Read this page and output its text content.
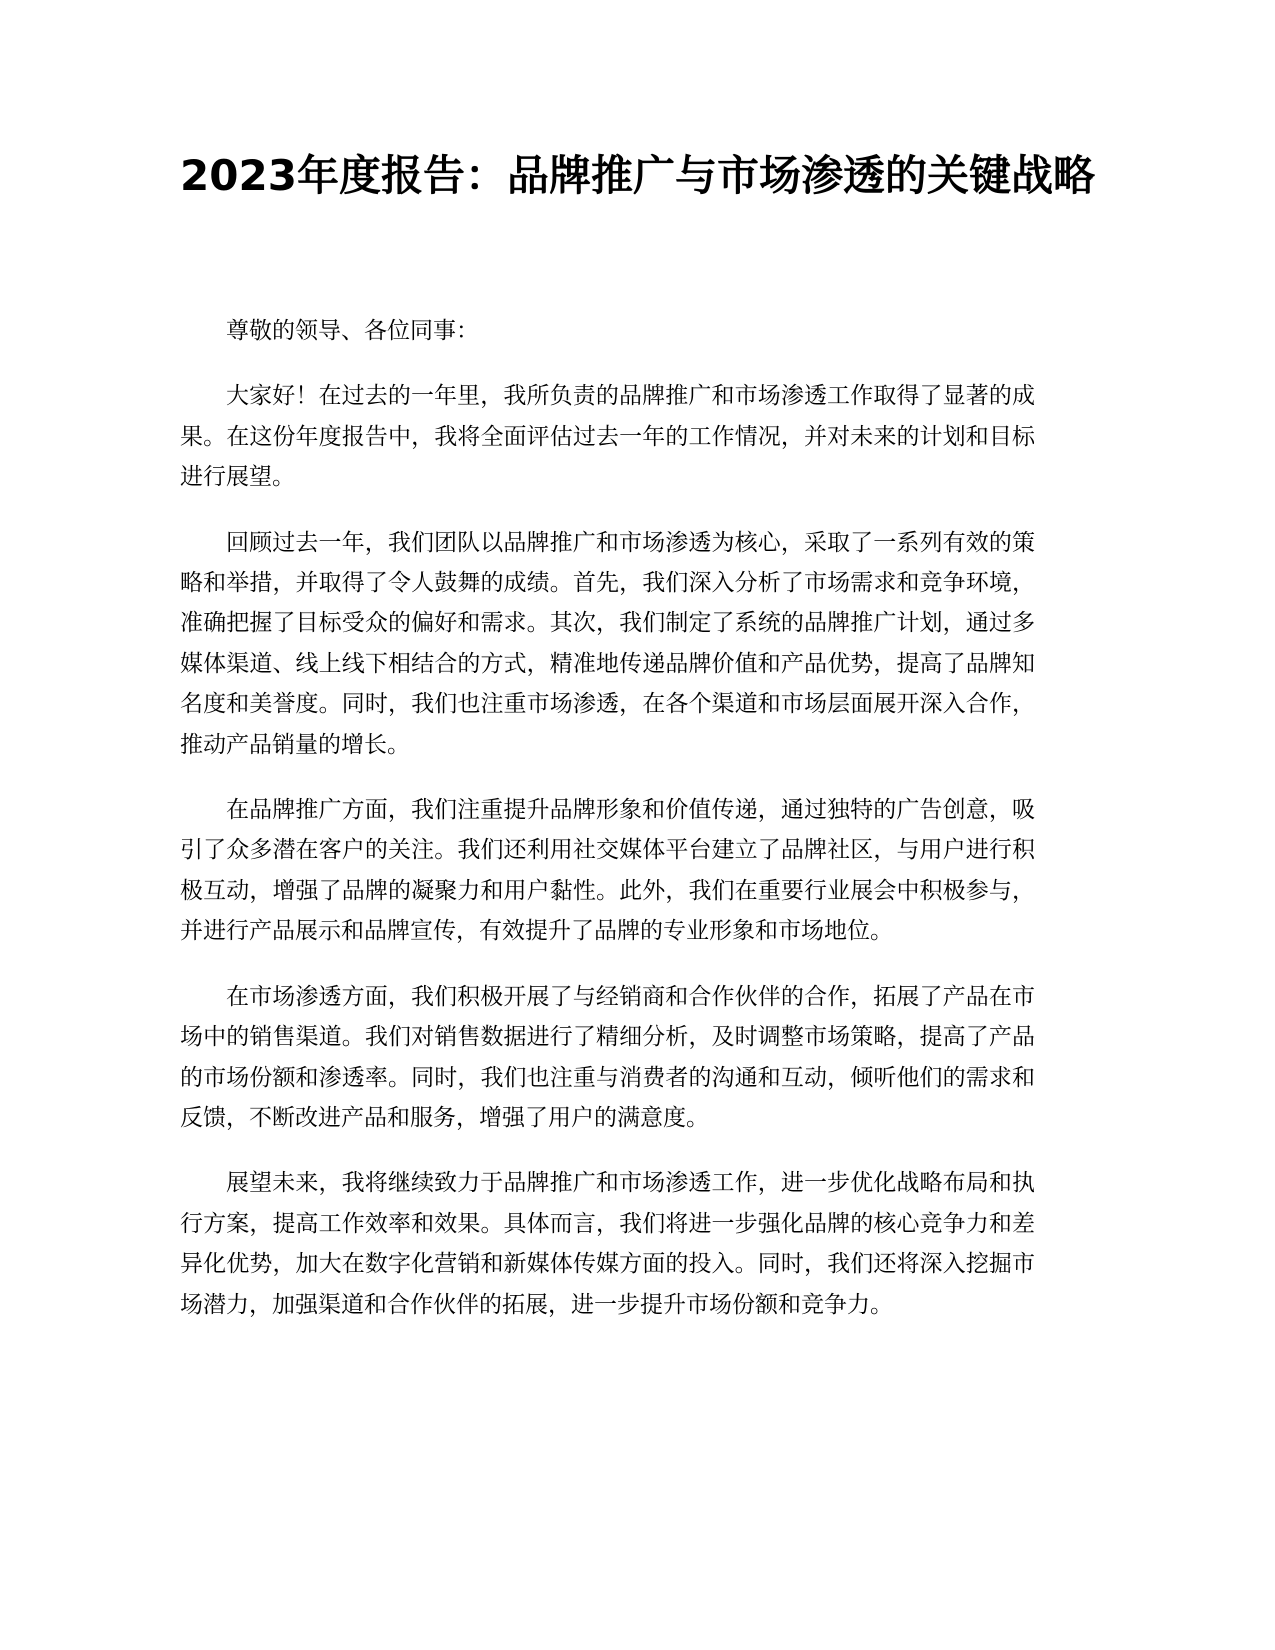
2023年度报告：品牌推广与市场渗透的关键战略

尊敬的领导、各位同事：

大家好！在过去的一年里，我所负责的品牌推广和市场渗透工作取得了显著的成果。在这份年度报告中，我将全面评估过去一年的工作情况，并对未来的计划和目标进行展望。

回顾过去一年，我们团队以品牌推广和市场渗透为核心，采取了一系列有效的策略和举措，并取得了令人鼓舞的成绩。首先，我们深入分析了市场需求和竞争环境，准确把握了目标受众的偏好和需求。其次，我们制定了系统的品牌推广计划，通过多媒体渠道、线上线下相结合的方式，精准地传递品牌价值和产品优势，提高了品牌知名度和美誉度。同时，我们也注重市场渗透，在各个渠道和市场层面展开深入合作，推动产品销量的增长。

在品牌推广方面，我们注重提升品牌形象和价值传递，通过独特的广告创意，吸引了众多潜在客户的关注。我们还利用社交媒体平台建立了品牌社区，与用户进行积极互动，增强了品牌的凝聚力和用户黏性。此外，我们在重要行业展会中积极参与，并进行产品展示和品牌宣传，有效提升了品牌的专业形象和市场地位。

在市场渗透方面，我们积极开展了与经销商和合作伙伴的合作，拓展了产品在市场中的销售渠道。我们对销售数据进行了精细分析，及时调整市场策略，提高了产品的市场份额和渗透率。同时，我们也注重与消费者的沟通和互动，倾听他们的需求和反馈，不断改进产品和服务，增强了用户的满意度。

展望未来，我将继续致力于品牌推广和市场渗透工作，进一步优化战略布局和执行方案，提高工作效率和效果。具体而言，我们将进一步强化品牌的核心竞争力和差异化优势，加大在数字化营销和新媒体传媒方面的投入。同时，我们还将深入挖掘市场潜力，加强渠道和合作伙伴的拓展，进一步提升市场份额和竞争力。
